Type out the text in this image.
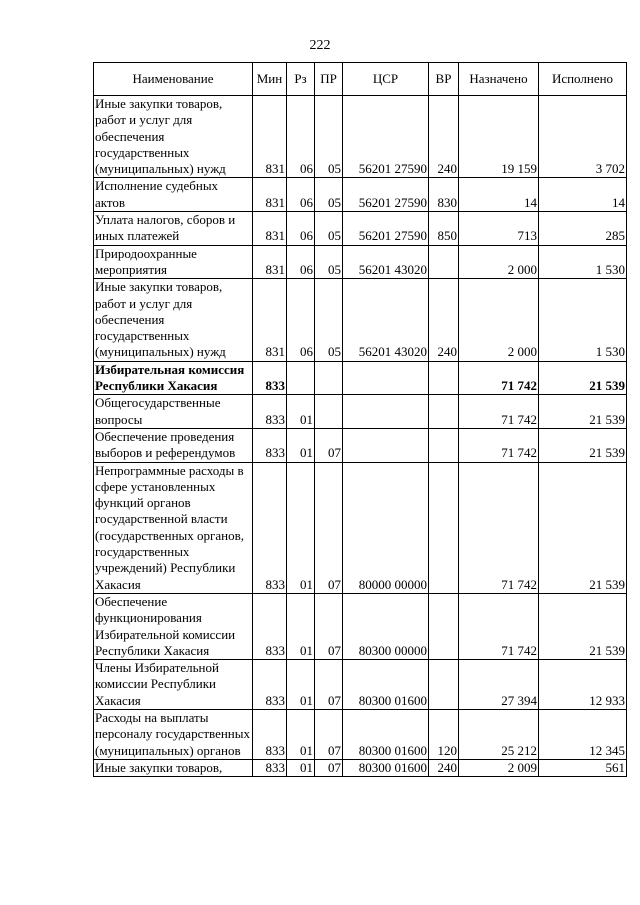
222
Наименование	Мин	Рз	ПР	ЦСР	ВР	Назначено	Исполнено
Иные закупки товаров, работ и услуг для обеспечения государственных (муниципальных) нужд	831	06	05	56201 27590	240	19 159	3 702
Исполнение судебных актов	831	06	05	56201 27590	830	14	14
Уплата налогов, сборов и иных платежей	831	06	05	56201 27590	850	713	285
Природоохранные мероприятия	831	06	05	56201 43020		2 000	1 530
Иные закупки товаров, работ и услуг для обеспечения государственных (муниципальных) нужд	831	06	05	56201 43020	240	2 000	1 530
Избирательная комиссия Республики Хакасия	833					71 742	21 539
Общегосударственные вопросы	833	01				71 742	21 539
Обеспечение проведения выборов и референдумов	833	01	07			71 742	21 539
Непрограммные расходы в сфере установленных функций органов государственной власти (государственных органов, государственных учреждений) Республики Хакасия	833	01	07	80000 00000		71 742	21 539
Обеспечение функционирования Избирательной комиссии Республики Хакасия	833	01	07	80300 00000		71 742	21 539
Члены Избирательной комиссии Республики Хакасия	833	01	07	80300 01600		27 394	12 933
Расходы на выплаты персоналу государственных (муниципальных) органов	833	01	07	80300 01600	120	25 212	12 345
Иные закупки товаров,	833	01	07	80300 01600	240	2 009	561
